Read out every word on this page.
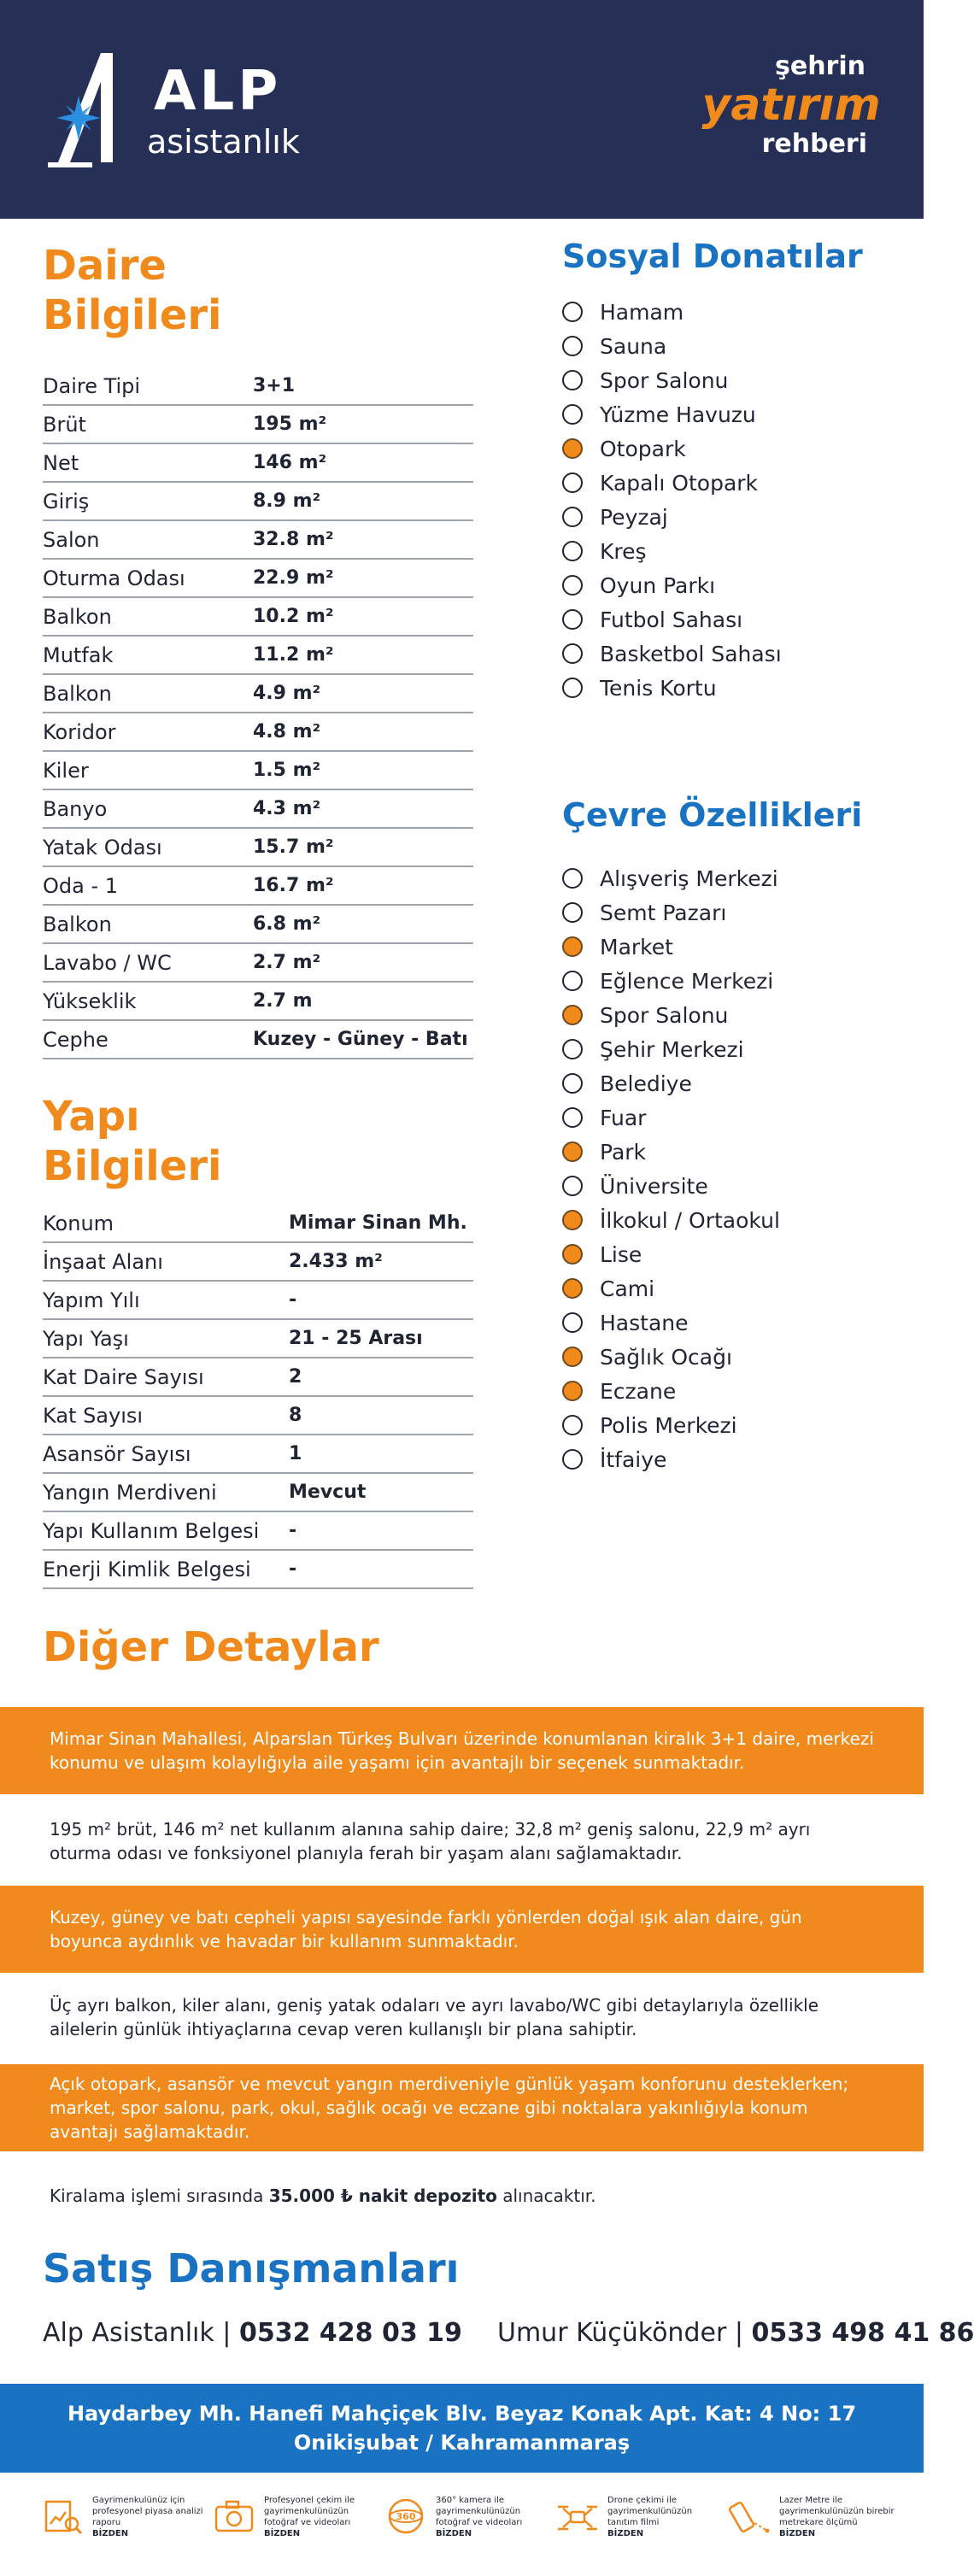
ALP
asistanlık
şehrin
yatırım
rehberi
Daire
Bilgileri
Daire Tipi	3+1
Brüt	195 m²
Net	146 m²
Giriş	8.9 m²
Salon	32.8 m²
Oturma Odası	22.9 m²
Balkon	10.2 m²
Mutfak	11.2 m²
Balkon	4.9 m²
Koridor	4.8 m²
Kiler	1.5 m²
Banyo	4.3 m²
Yatak Odası	15.7 m²
Oda - 1	16.7 m²
Balkon	6.8 m²
Lavabo / WC	2.7 m²
Yükseklik	2.7 m
Cephe	Kuzey - Güney - Batı
Yapı
Bilgileri
Konum	Mimar Sinan Mh.
İnşaat Alanı	2.433 m²
Yapım Yılı	-
Yapı Yaşı	21 - 25 Arası
Kat Daire Sayısı	2
Kat Sayısı	8
Asansör Sayısı	1
Yangın Merdiveni	Mevcut
Yapı Kullanım Belgesi	-
Enerji Kimlik Belgesi	-
Sosyal Donatılar
Hamam
Sauna
Spor Salonu
Yüzme Havuzu
Otopark
Kapalı Otopark
Peyzaj
Kreş
Oyun Parkı
Futbol Sahası
Basketbol Sahası
Tenis Kortu
Çevre Özellikleri
Alışveriş Merkezi
Semt Pazarı
Market
Eğlence Merkezi
Spor Salonu
Şehir Merkezi
Belediye
Fuar
Park
Üniversite
İlkokul / Ortaokul
Lise
Cami
Hastane
Sağlık Ocağı
Eczane
Polis Merkezi
İtfaiye
Diğer Detaylar

Mimar Sinan Mahallesi, Alparslan Türkeş Bulvarı üzerinde konumlanan kiralık 3+1 daire, merkezi konumu ve ulaşım kolaylığıyla aile yaşamı için avantajlı bir seçenek sunmaktadır.

195 m² brüt, 146 m² net kullanım alanına sahip daire; 32,8 m² geniş salonu, 22,9 m² ayrı oturma odası ve fonksiyonel planıyla ferah bir yaşam alanı sağlamaktadır.

Kuzey, güney ve batı cepheli yapısı sayesinde farklı yönlerden doğal ışık alan daire, gün boyunca aydınlık ve havadar bir kullanım sunmaktadır.

Üç ayrı balkon, kiler alanı, geniş yatak odaları ve ayrı lavabo/WC gibi detaylarıyla özellikle ailelerin günlük ihtiyaçlarına cevap veren kullanışlı bir plana sahiptir.

Açık otopark, asansör ve mevcut yangın merdiveniyle günlük yaşam konforunu desteklerken; market, spor salonu, park, okul, sağlık ocağı ve eczane gibi noktalara yakınlığıyla konum avantajı sağlamaktadır.

Kiralama işlemi sırasında 35.000 ₺ nakit depozito alınacaktır.

Satış Danışmanları
Alp Asistanlık | 0532 428 03 19 Umur Küçükönder | 0533 498 41 86
Haydarbey Mh. Hanefi Mahçiçek Blv. Beyaz Konak Apt. Kat: 4 No: 17
Onikişubat / Kahramanmaraş
Gayrimenkulünüz için profesyonel piyasa analizi raporu
BİZDEN
Profesyonel çekim ile gayrimenkulünüzün fotoğraf ve videoları
BİZDEN
360
360° kamera ile gayrimenkulünüzün fotoğraf ve videoları
BİZDEN
Drone çekimi ile gayrimenkulünüzün tanıtım filmi
BİZDEN
Lazer Metre ile gayrimenkulünüzün birebir metrekare ölçümü
BİZDEN
